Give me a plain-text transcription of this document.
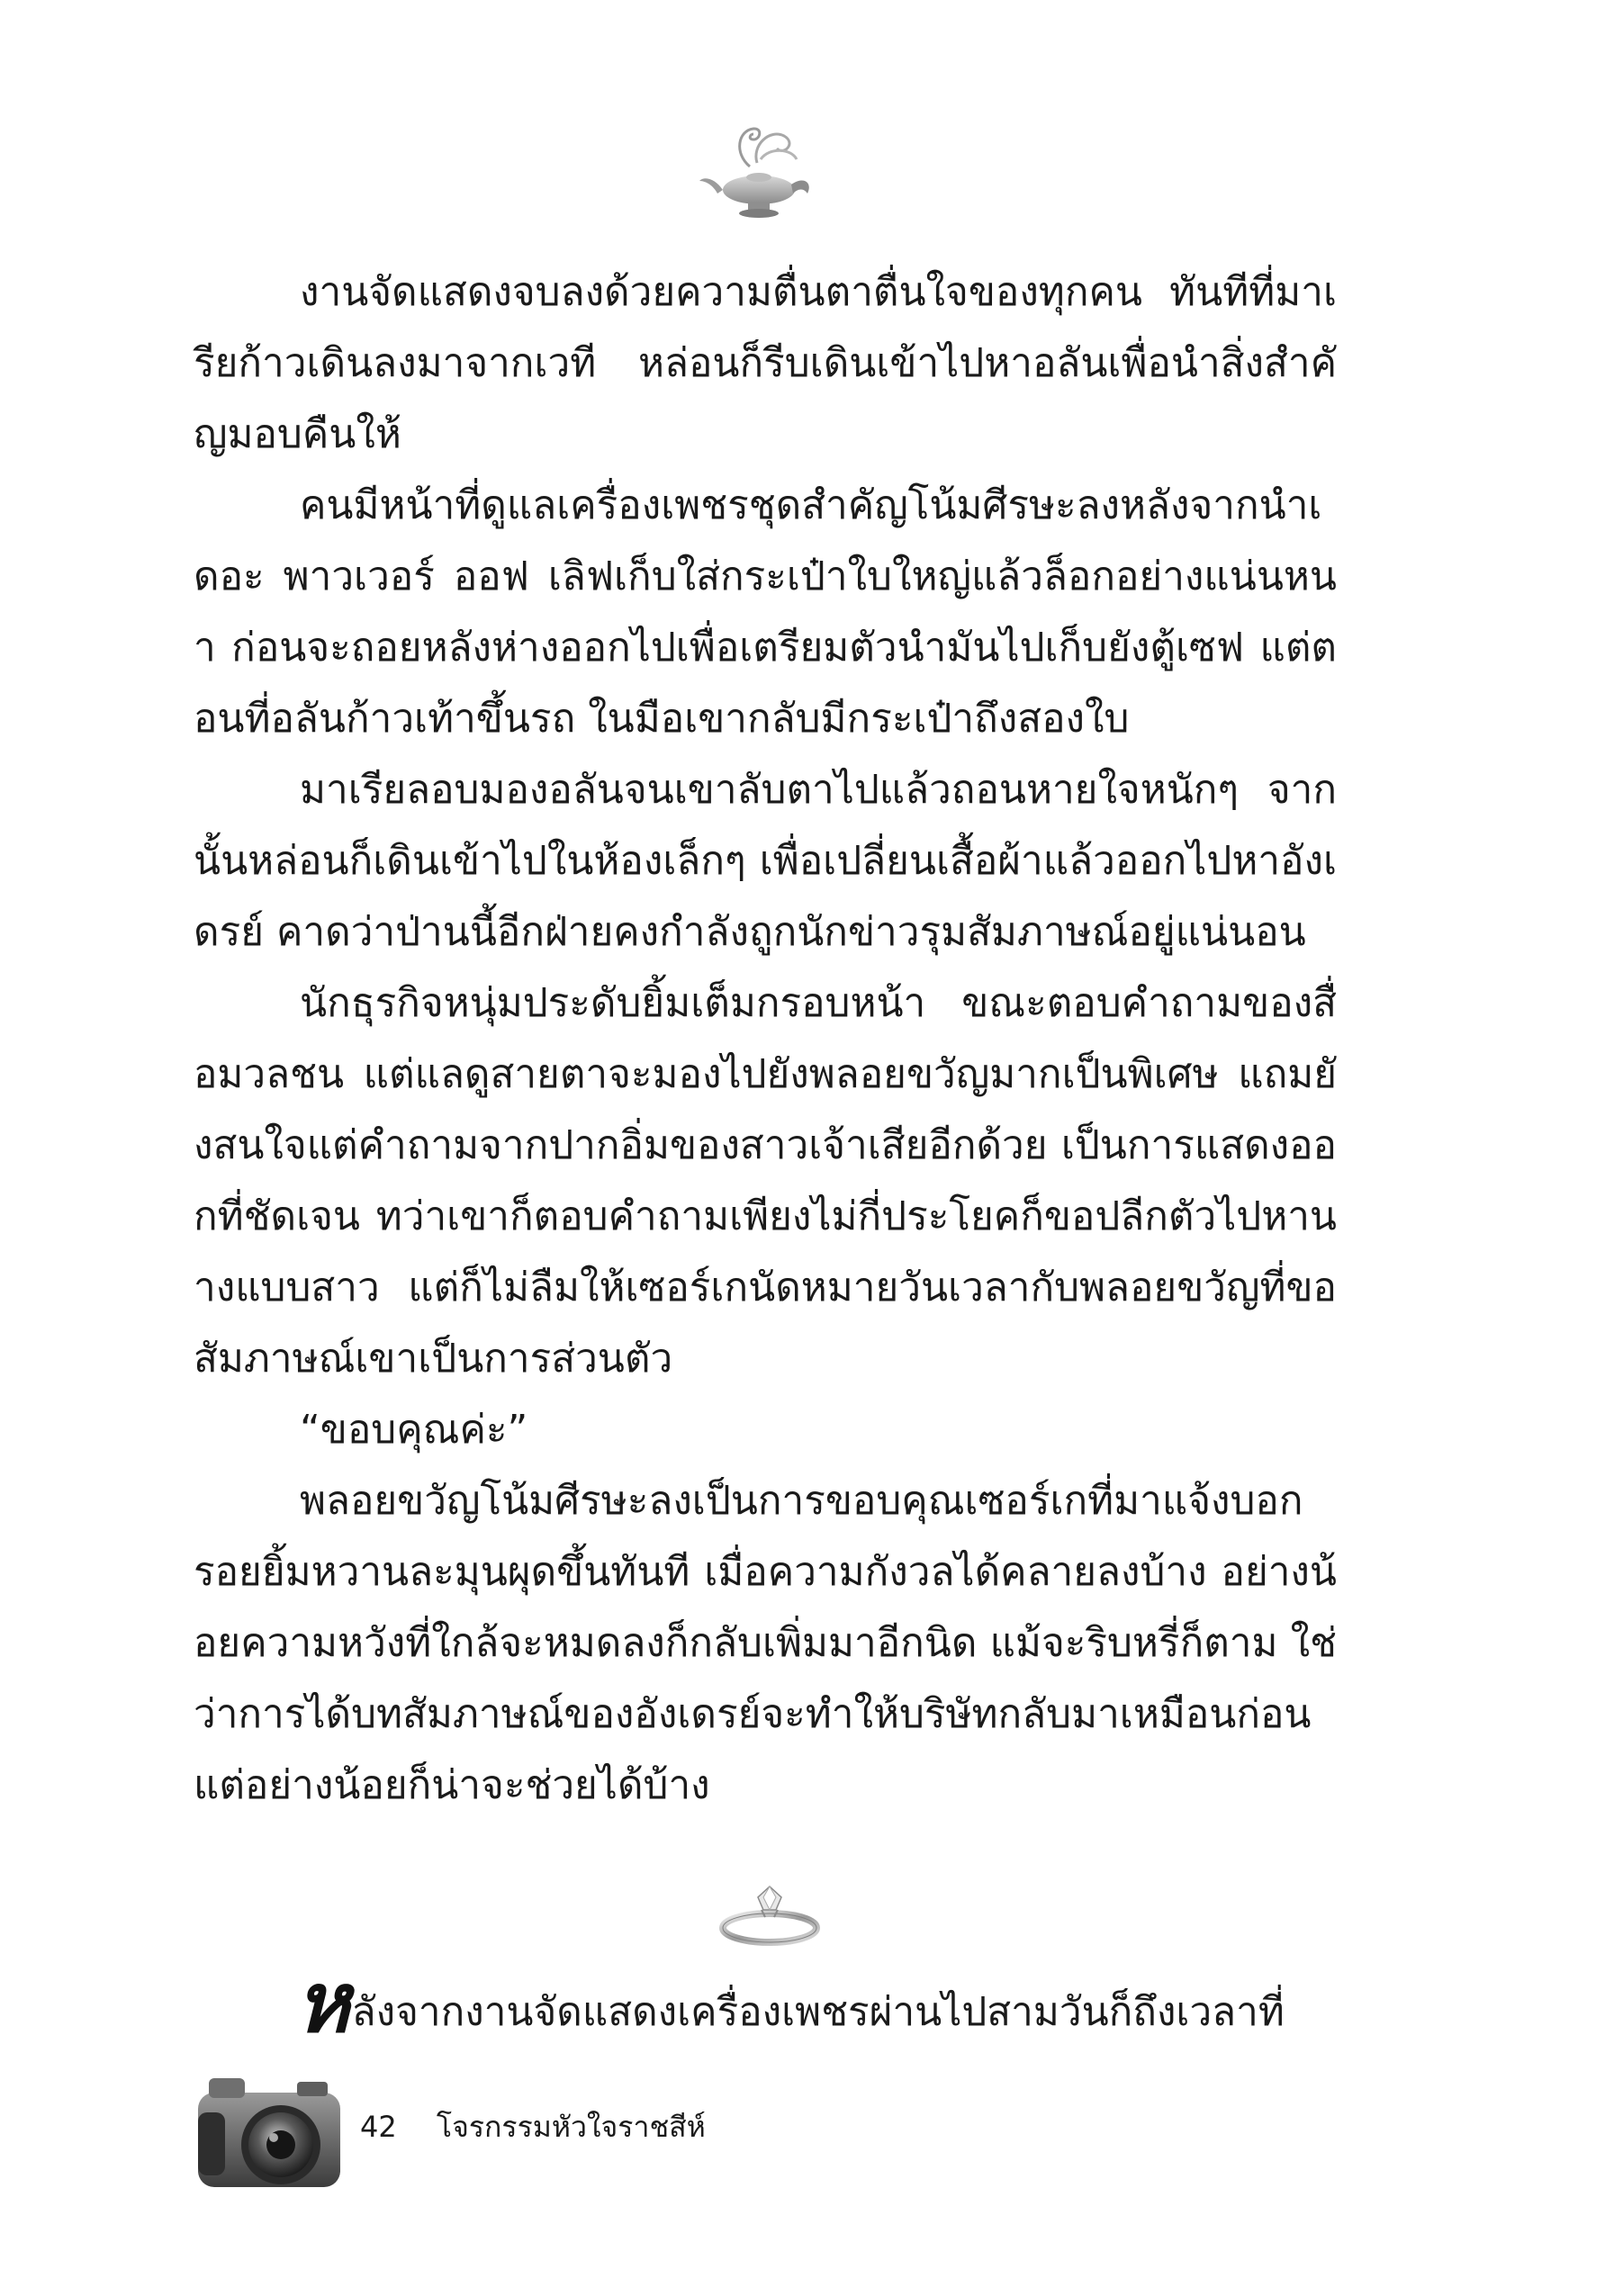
งานจัดแสดงจบลงด้วยความตื่นตาตื่นใจของทุกคน ทันทีที่มาเรียก้าวเดินลงมาจากเวที หล่อนก็รีบเดินเข้าไปหาอลันเพื่อนำสิ่งสำคัญมอบคืนให้

คนมีหน้าที่ดูแลเครื่องเพชรชุดสำคัญโน้มศีรษะลงหลังจากนำเดอะ พาวเวอร์ ออฟ เลิฟเก็บใส่กระเป๋าใบใหญ่แล้วล็อกอย่างแน่นหนา ก่อนจะถอยหลังห่างออกไปเพื่อเตรียมตัวนำมันไปเก็บยังตู้เซฟ แต่ตอนที่อลันก้าวเท้าขึ้นรถ ในมือเขากลับมีกระเป๋าถึงสองใบ

มาเรียลอบมองอลันจนเขาลับตาไปแล้วถอนหายใจหนักๆ จากนั้นหล่อนก็เดินเข้าไปในห้องเล็กๆ เพื่อเปลี่ยนเสื้อผ้าแล้วออกไปหาอังเดรย์ คาดว่าป่านนี้อีกฝ่ายคงกำลังถูกนักข่าวรุมสัมภาษณ์อยู่แน่นอน

นักธุรกิจหนุ่มประดับยิ้มเต็มกรอบหน้า ขณะตอบคำถามของสื่อมวลชน แต่แลดูสายตาจะมองไปยังพลอยขวัญมากเป็นพิเศษ แถมยังสนใจแต่คำถามจากปากอิ่มของสาวเจ้าเสียอีกด้วย เป็นการแสดงออกที่ชัดเจน ทว่าเขาก็ตอบคำถามเพียงไม่กี่ประโยคก็ขอปลีกตัวไปหานางแบบสาว แต่ก็ไม่ลืมให้เซอร์เกนัดหมายวันเวลากับพลอยขวัญที่ขอสัมภาษณ์เขาเป็นการส่วนตัว

“ขอบคุณค่ะ”

พลอยขวัญโน้มศีรษะลงเป็นการขอบคุณเซอร์เกที่มาแจ้งบอก รอยยิ้มหวานละมุนผุดขึ้นทันที เมื่อความกังวลได้คลายลงบ้าง อย่างน้อยความหวังที่ใกล้จะหมดลงก็กลับเพิ่มมาอีกนิด แม้จะริบหรี่ก็ตาม ใช่ว่าการได้บทสัมภาษณ์ของอังเดรย์จะทำให้บริษัทกลับมาเหมือนก่อน แต่อย่างน้อยก็น่าจะช่วยได้บ้าง

ห ลังจากงานจัดแสดงเครื่องเพชรผ่านไปสามวันก็ถึงเวลาที่
42 โจรกรรมหัวใจราชสีห์
